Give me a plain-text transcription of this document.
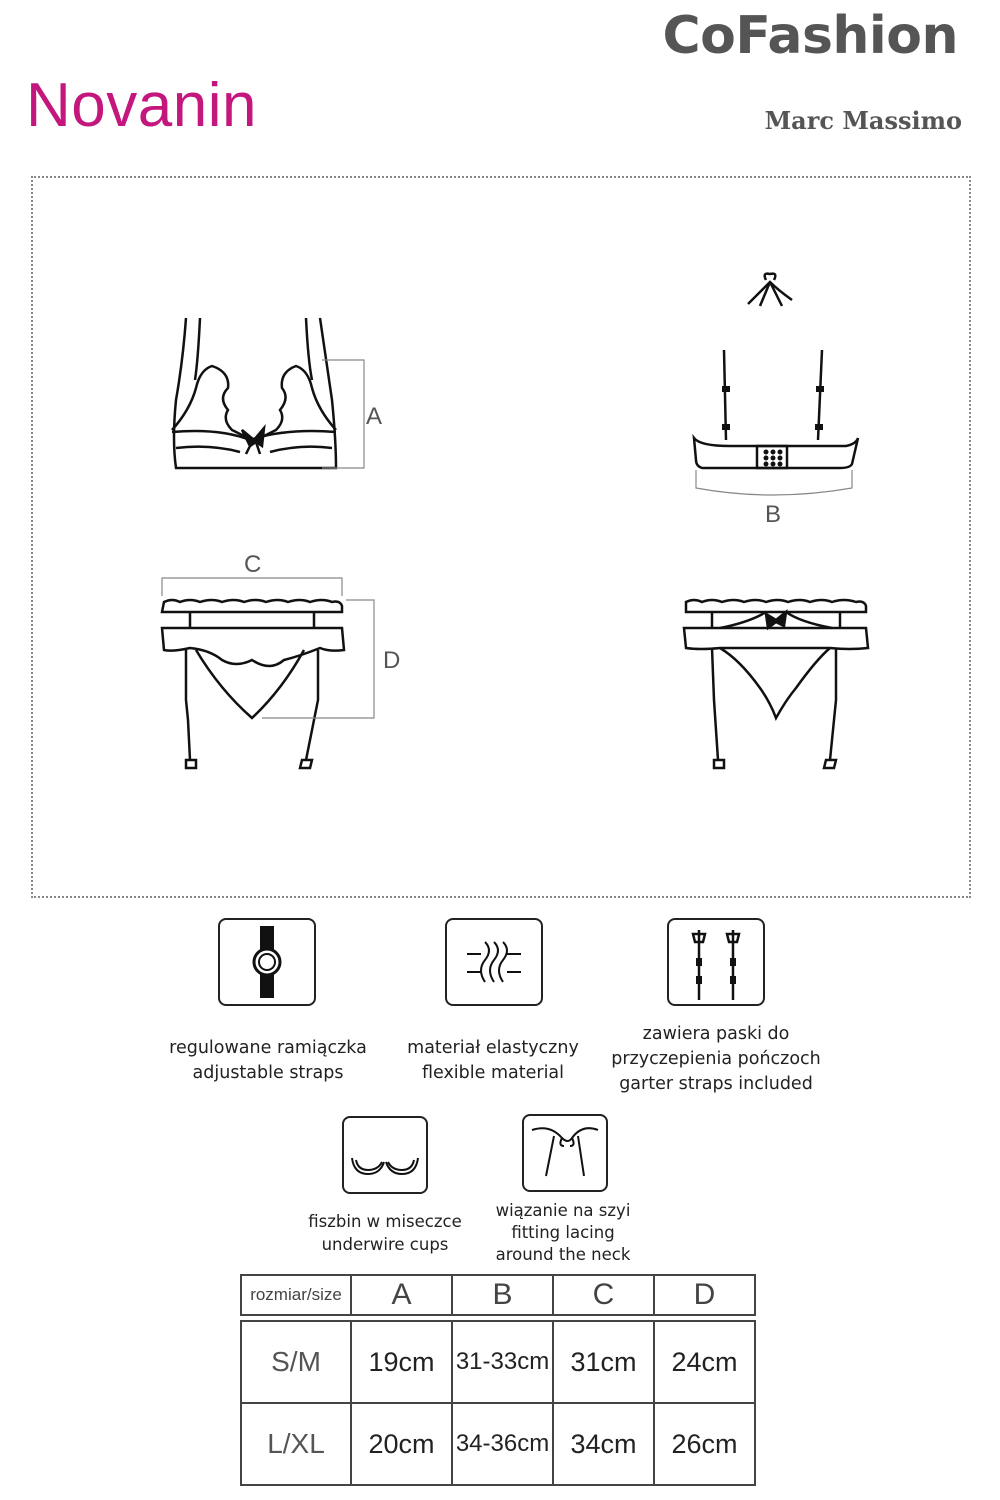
Novanin
CoFashion
Marc Massimo
A
B
C
D
regulowane ramiączka
adjustable straps
materiał elastyczny
flexible material
zawiera paski do
przyczepienia pończoch
garter straps included
fiszbin w miseczce
underwire cups
wiązanie na szyi
fitting lacing
around the neck
rozmiar/size	A	B	C	D

S/M	19cm	31-33cm	31cm	24cm
L/XL	20cm	34-36cm	34cm	26cm
